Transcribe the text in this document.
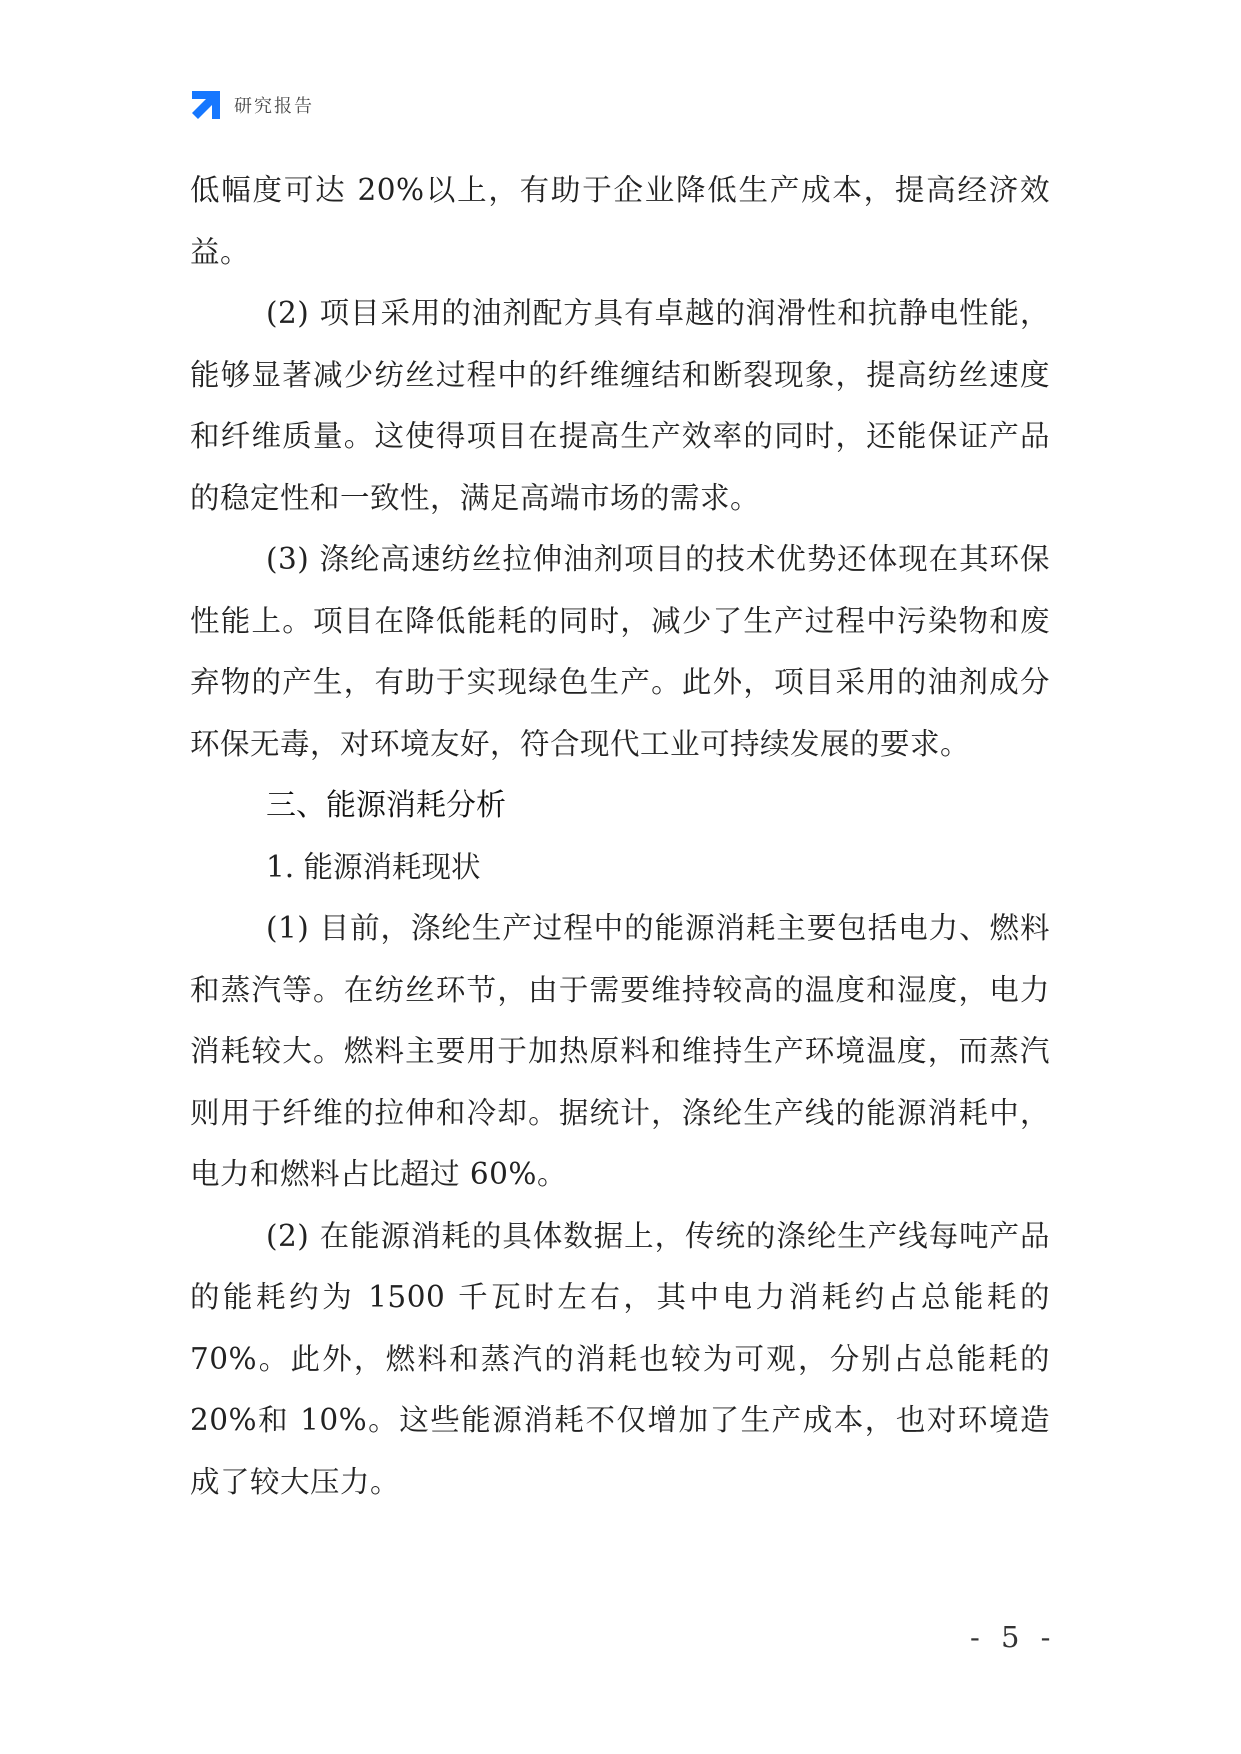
研究报告

低幅度可达 20%以上，有助于企业降低生产成本，提高经济效益。

(2) 项目采用的油剂配方具有卓越的润滑性和抗静电性能，能够显著减少纺丝过程中的纤维缠结和断裂现象，提高纺丝速度和纤维质量。这使得项目在提高生产效率的同时，还能保证产品的稳定性和一致性，满足高端市场的需求。

(3) 涤纶高速纺丝拉伸油剂项目的技术优势还体现在其环保性能上。项目在降低能耗的同时，减少了生产过程中污染物和废弃物的产生，有助于实现绿色生产。此外，项目采用的油剂成分环保无毒，对环境友好，符合现代工业可持续发展的要求。

三、能源消耗分析

1. 能源消耗现状

(1) 目前，涤纶生产过程中的能源消耗主要包括电力、燃料和蒸汽等。在纺丝环节，由于需要维持较高的温度和湿度，电力消耗较大。燃料主要用于加热原料和维持生产环境温度，而蒸汽则用于纤维的拉伸和冷却。据统计，涤纶生产线的能源消耗中，电力和燃料占比超过 60%。

(2) 在能源消耗的具体数据上，传统的涤纶生产线每吨产品的能耗约为 1500 千瓦时左右，其中电力消耗约占总能耗的 70%。此外，燃料和蒸汽的消耗也较为可观，分别占总能耗的 20%和 10%。这些能源消耗不仅增加了生产成本，也对环境造成了较大压力。

- 5 -
